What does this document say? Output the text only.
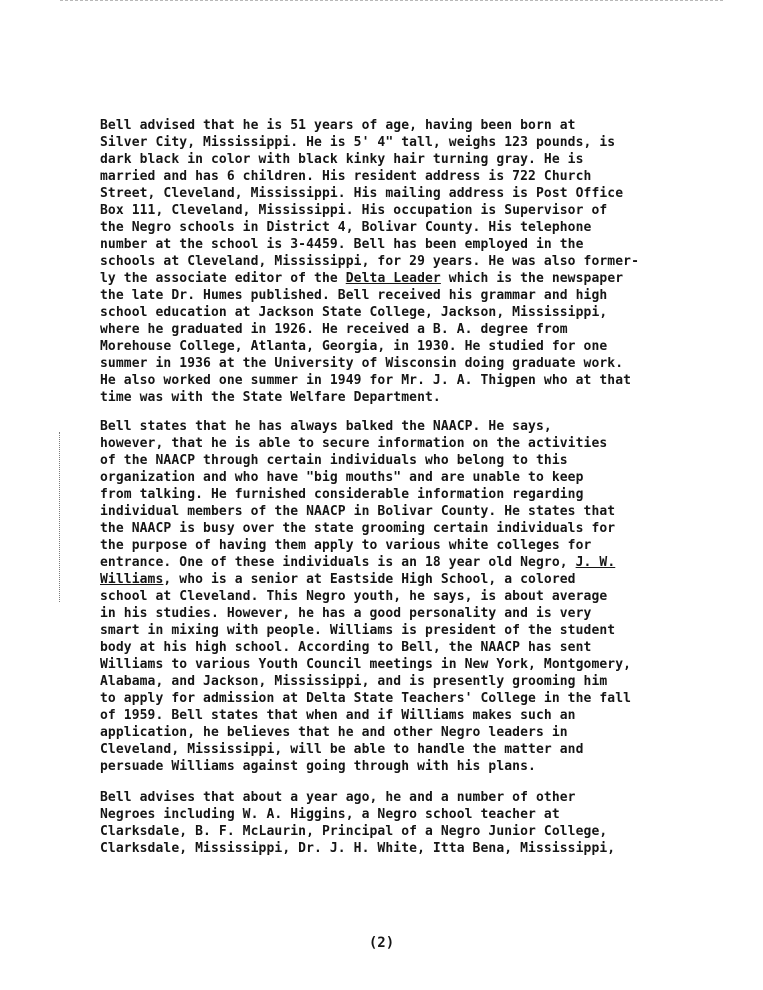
Bell advised that he is 51 years of age, having been born at
Silver City, Mississippi. He is 5' 4" tall, weighs 123 pounds, is
dark black in color with black kinky hair turning gray. He is
married and has 6 children. His resident address is 722 Church
Street, Cleveland, Mississippi. His mailing address is Post Office
Box 111, Cleveland, Mississippi. His occupation is Supervisor of
the Negro schools in District 4, Bolivar County. His telephone
number at the school is 3-4459. Bell has been employed in the
schools at Cleveland, Mississippi, for 29 years. He was also former-
ly the associate editor of the Delta Leader which is the newspaper
the late Dr. Humes published. Bell received his grammar and high
school education at Jackson State College, Jackson, Mississippi,
where he graduated in 1926. He received a B. A. degree from
Morehouse College, Atlanta, Georgia, in 1930. He studied for one
summer in 1936 at the University of Wisconsin doing graduate work.
He also worked one summer in 1949 for Mr. J. A. Thigpen who at that
time was with the State Welfare Department.
Bell states that he has always balked the NAACP. He says,
however, that he is able to secure information on the activities
of the NAACP through certain individuals who belong to this
organization and who have "big mouths" and are unable to keep
from talking. He furnished considerable information regarding
individual members of the NAACP in Bolivar County. He states that
the NAACP is busy over the state grooming certain individuals for
the purpose of having them apply to various white colleges for
entrance. One of these individuals is an 18 year old Negro, J. W.
Williams, who is a senior at Eastside High School, a colored
school at Cleveland. This Negro youth, he says, is about average
in his studies. However, he has a good personality and is very
smart in mixing with people. Williams is president of the student
body at his high school. According to Bell, the NAACP has sent
Williams to various Youth Council meetings in New York, Montgomery,
Alabama, and Jackson, Mississippi, and is presently grooming him
to apply for admission at Delta State Teachers' College in the fall
of 1959. Bell states that when and if Williams makes such an
application, he believes that he and other Negro leaders in
Cleveland, Mississippi, will be able to handle the matter and
persuade Williams against going through with his plans.
Bell advises that about a year ago, he and a number of other
Negroes including W. A. Higgins, a Negro school teacher at
Clarksdale, B. F. McLaurin, Principal of a Negro Junior College,
Clarksdale, Mississippi, Dr. J. H. White, Itta Bena, Mississippi,
(2)
